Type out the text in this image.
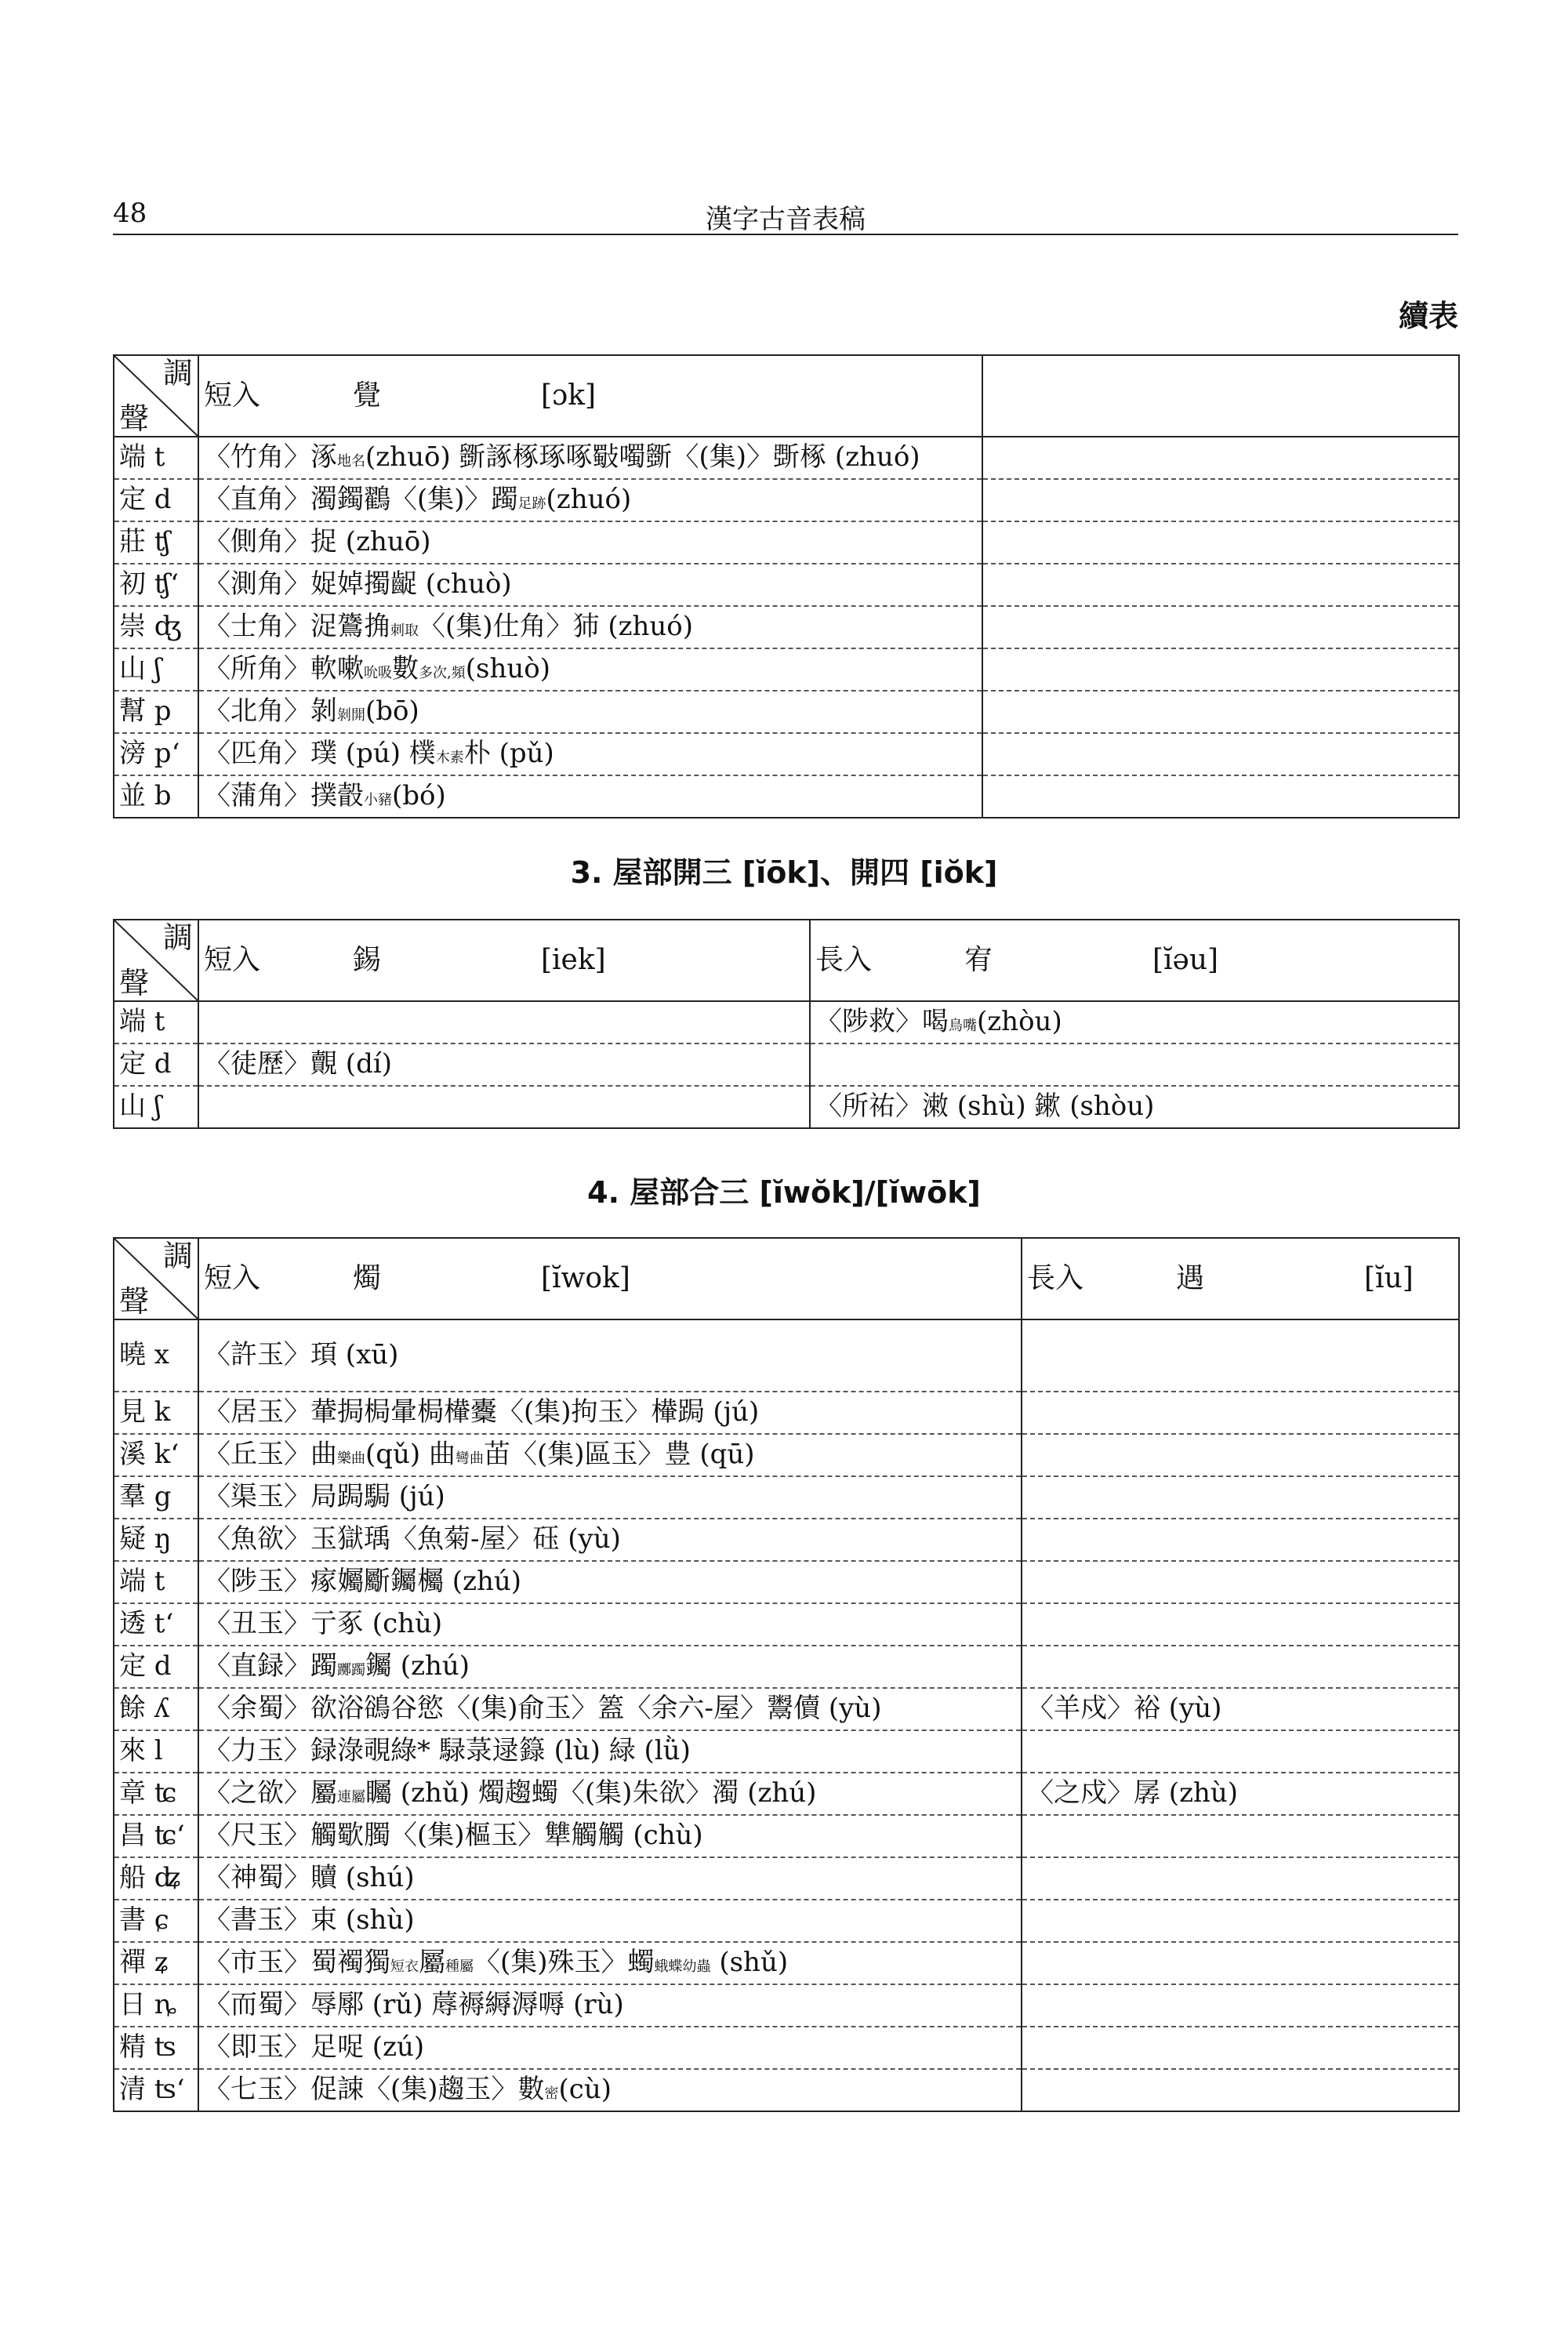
48	漢字古音表稿
續表
調
聲	短入 覺 [ɔk]	

端 t	〈竹角〉涿地名(zhuō) 斵諑椓琢啄斀噣斵〈(集)〉斲椓 (zhuó)	
定 d	〈直角〉濁鐲鸐〈(集)〉躅足跡(zhuó)	
莊 ʧ	〈側角〉捉 (zhuō)	
初 ʧʻ	〈測角〉娖婥擉齪 (chuò)	
崇 ʤ	〈士角〉浞鷟捔刺取〈(集)仕角〉犻 (zhuó)	
山 ʃ	〈所角〉軟嗽吮吸數多次,頻(shuò)	
幫 p	〈北角〉剝剝開(bō)	
滂 pʻ	〈匹角〉璞 (pú) 樸木素朴 (pǔ)	
並 b	〈蒲角〉撲瞉小豬(bó)	
3. 屋部開三 [ĭōk]、開四 [iŏk]
調
聲	短入 錫 [iek]	長入 宥 [ĭəu]

端 t		〈陟救〉喝鳥嘴(zhòu)
定 d	〈徒歷〉覿 (dí)	
山 ʃ		〈所祐〉潄 (shù) 鏉 (shòu)
4. 屋部合三 [ĭwŏk]/[ĭwōk]
調
聲	短入 燭 [ĭwok]	長入 遇 [ĭu]

曉 x	〈許玉〉頊 (xū)	
見 k	〈居玉〉輂挶梮暈梮檋櫜〈(集)拘玉〉檋跼 (jú)	
溪 kʻ	〈丘玉〉曲樂曲(qǔ) 曲彎曲苖〈(集)區玉〉豊 (qū)	
羣 g	〈渠玉〉局跼駶 (jú)	
疑 ŋ	〈魚欲〉玉獄瑀〈魚菊-屋〉砡 (yù)	
端 t	〈陟玉〉瘃孎斸钃欘 (zhú)	
透 tʻ	〈丑玉〉亍豖 (chù)	
定 d	〈直録〉躅躑躅钃 (zhú)	
餘 ʎ	〈余蜀〉欲浴鵒谷慾〈(集)俞玉〉篕〈余六-屋〉鬻儥 (yù)	〈羊戍〉裕 (yù)
來 l	〈力玉〉録淥覗綠* 騄菉逯籙 (lù) 緑 (lǜ)	
章 ʨ	〈之欲〉屬連屬矚 (zhǔ) 燭趨蠋〈(集)朱欲〉濁 (zhú)	〈之戍〉孱 (zhù)
昌 ʨʻ	〈尺玉〉觸歜臅〈(集)樞玉〉犨觸觸 (chù)	
船 ʥ	〈神蜀〉贖 (shú)	
書 ɕ	〈書玉〉束 (shù)	
禪 ʑ	〈市玉〉蜀襡獨短衣屬種屬〈(集)殊玉〉蠋蛾蝶幼蟲 (shǔ)	
日 ȵ	〈而蜀〉辱鄏 (rǔ) 蓐褥縟溽嗕 (rù)	
精 ʦ	〈即玉〉足哫 (zú)	
清 ʦʻ	〈七玉〉促誎〈(集)趨玉〉數密(cù)	
